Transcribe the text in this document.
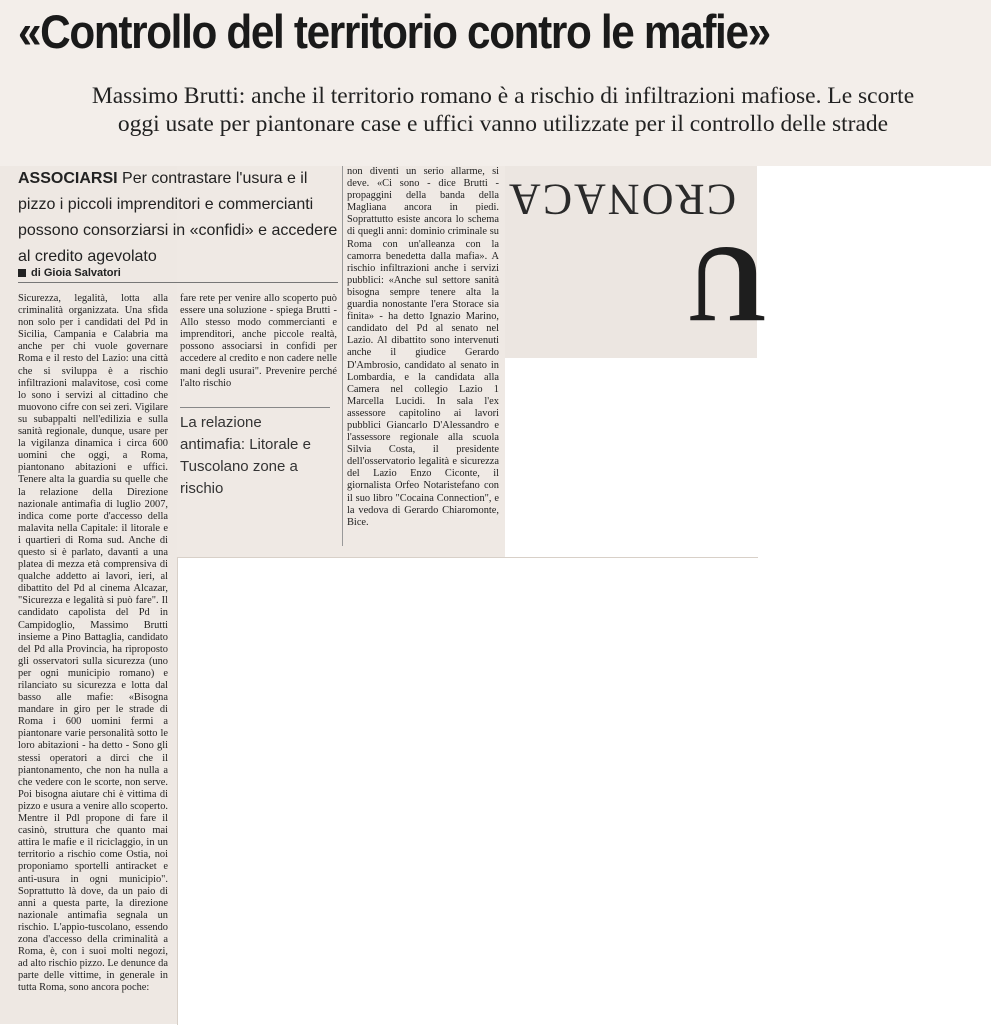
«Controllo del territorio contro le mafie»
Massimo Brutti: anche il territorio romano è a rischio di infiltrazioni mafiose. Le scorte
oggi usate per piantonare case e uffici vanno utilizzate per il controllo delle strade
ASSOCIARSI Per contrastare l'usura e il pizzo i piccoli imprenditori e commercianti possono consorziarsi in «confidi» e accedere al credito agevolato
di Gioia Salvatori
Sicurezza, legalità, lotta alla criminalità organizzata. Una sfida non solo per i candidati del Pd in Sicilia, Campania e Calabria ma anche per chi vuole governare Roma e il resto del Lazio: una città che si sviluppa è a rischio infiltrazioni malavitose, così come lo sono i servizi al cittadino che muovono cifre con sei zeri. Vigilare su subappalti nell'edilizia e sulla sanità regionale, dunque, usare per la vigilanza dinamica i circa 600 uomini che oggi, a Roma, piantonano abitazioni e uffici. Tenere alta la guardia su quelle che la relazione della Direzione nazionale antimafia di luglio 2007, indica come porte d'accesso della malavita nella Capitale: il litorale e i quartieri di Roma sud. Anche di questo si è parlato, davanti a una platea di mezza età comprensiva di qualche addetto ai lavori, ieri, al dibattito del Pd al cinema Alcazar, "Sicurezza e legalità si può fare". Il candidato capolista del Pd in Campidoglio, Massimo Brutti insieme a Pino Battaglia, candidato del Pd alla Provincia, ha riproposto gli osservatori sulla sicurezza (uno per ogni municipio romano) e rilanciato su sicurezza e lotta dal basso alle mafie: «Bisogna mandare in giro per le strade di Roma i 600 uomini fermi a piantonare varie personalità sotto le loro abitazioni - ha detto - Sono gli stessi operatori a dirci che il piantonamento, che non ha nulla a che vedere con le scorte, non serve. Poi bisogna aiutare chi è vittima di pizzo e usura a venire allo scoperto. Mentre il Pdl propone di fare il casinò, struttura che quanto mai attira le mafie e il riciclaggio, in un territorio a rischio come Ostia, noi proponiamo sportelli antiracket e anti-usura in ogni municipio". Soprattutto là dove, da un paio di anni a questa parte, la direzione nazionale antimafia segnala un rischio. L'appio-tuscolano, essendo zona d'accesso della criminalità a Roma, è, con i suoi molti negozi, ad alto rischio pizzo. Le denunce da parte delle vittime, in generale in tutta Roma, sono ancora poche:
fare rete per venire allo scoperto può essere una soluzione - spiega Brutti - Allo stesso modo commercianti e imprenditori, anche piccole realtà, possono associarsi in confidi per accedere al credito e non cadere nelle mani degli usurai". Prevenire perché l'alto rischio
La relazione antimafia: Litorale e Tuscolano zone a rischio
non diventi un serio allarme, si deve. «Ci sono - dice Brutti - propaggini della banda della Magliana ancora in piedi. Soprattutto esiste ancora lo schema di quegli anni: dominio criminale su Roma con un'alleanza con la camorra benedetta dalla mafia». A rischio infiltrazioni anche i servizi pubblici: «Anche sul settore sanità bisogna sempre tenere alta la guardia nonostante l'era Storace sia finita» - ha detto Ignazio Marino, candidato del Pd al senato nel Lazio. Al dibattito sono intervenuti anche il giudice Gerardo D'Ambrosio, candidato al senato in Lombardia, e la candidata alla Camera nel collegio Lazio 1 Marcella Lucidi. In sala l'ex assessore capitolino ai lavori pubblici Giancarlo D'Alessandro e l'assessore regionale alla scuola Silvia Costa, il presidente dell'osservatorio legalità e sicurezza del Lazio Enzo Ciconte, il giornalista Orfeo Notaristefano con il suo libro "Cocaina Connection", e la vedova di Gerardo Chiaromonte, Bice.
CRONACA
U
